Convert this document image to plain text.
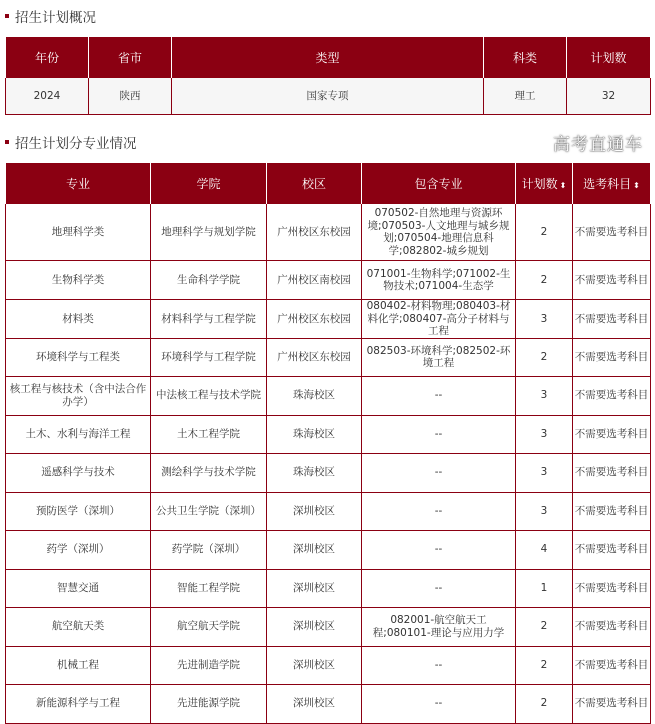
招生计划概况
年份	省市	类型	科类	计划数
2024	陕西	国家专项	理工	32
招生计划分专业情况
专业	学院	校区	包含专业	计划数 ⬍	选考科目 ⬍
地理科学类	地理科学与规划学院	广州校区东校园	070502-自然地理与资源环境;070503-人文地理与城乡规划;070504-地理信息科学;082802-城乡规划	2	不需要选考科目
生物科学类	生命科学学院	广州校区南校园	071001-生物科学;071002-生物技术;071004-生态学	2	不需要选考科目
材料类	材料科学与工程学院	广州校区东校园	080402-材料物理;080403-材料化学;080407-高分子材料与工程	3	不需要选考科目
环境科学与工程类	环境科学与工程学院	广州校区东校园	082503-环境科学;082502-环境工程	2	不需要选考科目
核工程与核技术（含中法合作办学）	中法核工程与技术学院	珠海校区	--	3	不需要选考科目
土木、水利与海洋工程	土木工程学院	珠海校区	--	3	不需要选考科目
遥感科学与技术	测绘科学与技术学院	珠海校区	--	3	不需要选考科目
预防医学（深圳）	公共卫生学院（深圳）	深圳校区	--	3	不需要选考科目
药学（深圳）	药学院（深圳）	深圳校区	--	4	不需要选考科目
智慧交通	智能工程学院	深圳校区	--	1	不需要选考科目
航空航天类	航空航天学院	深圳校区	082001-航空航天工程;080101-理论与应用力学	2	不需要选考科目
机械工程	先进制造学院	深圳校区	--	2	不需要选考科目
新能源科学与工程	先进能源学院	深圳校区	--	2	不需要选考科目
高考直通车
